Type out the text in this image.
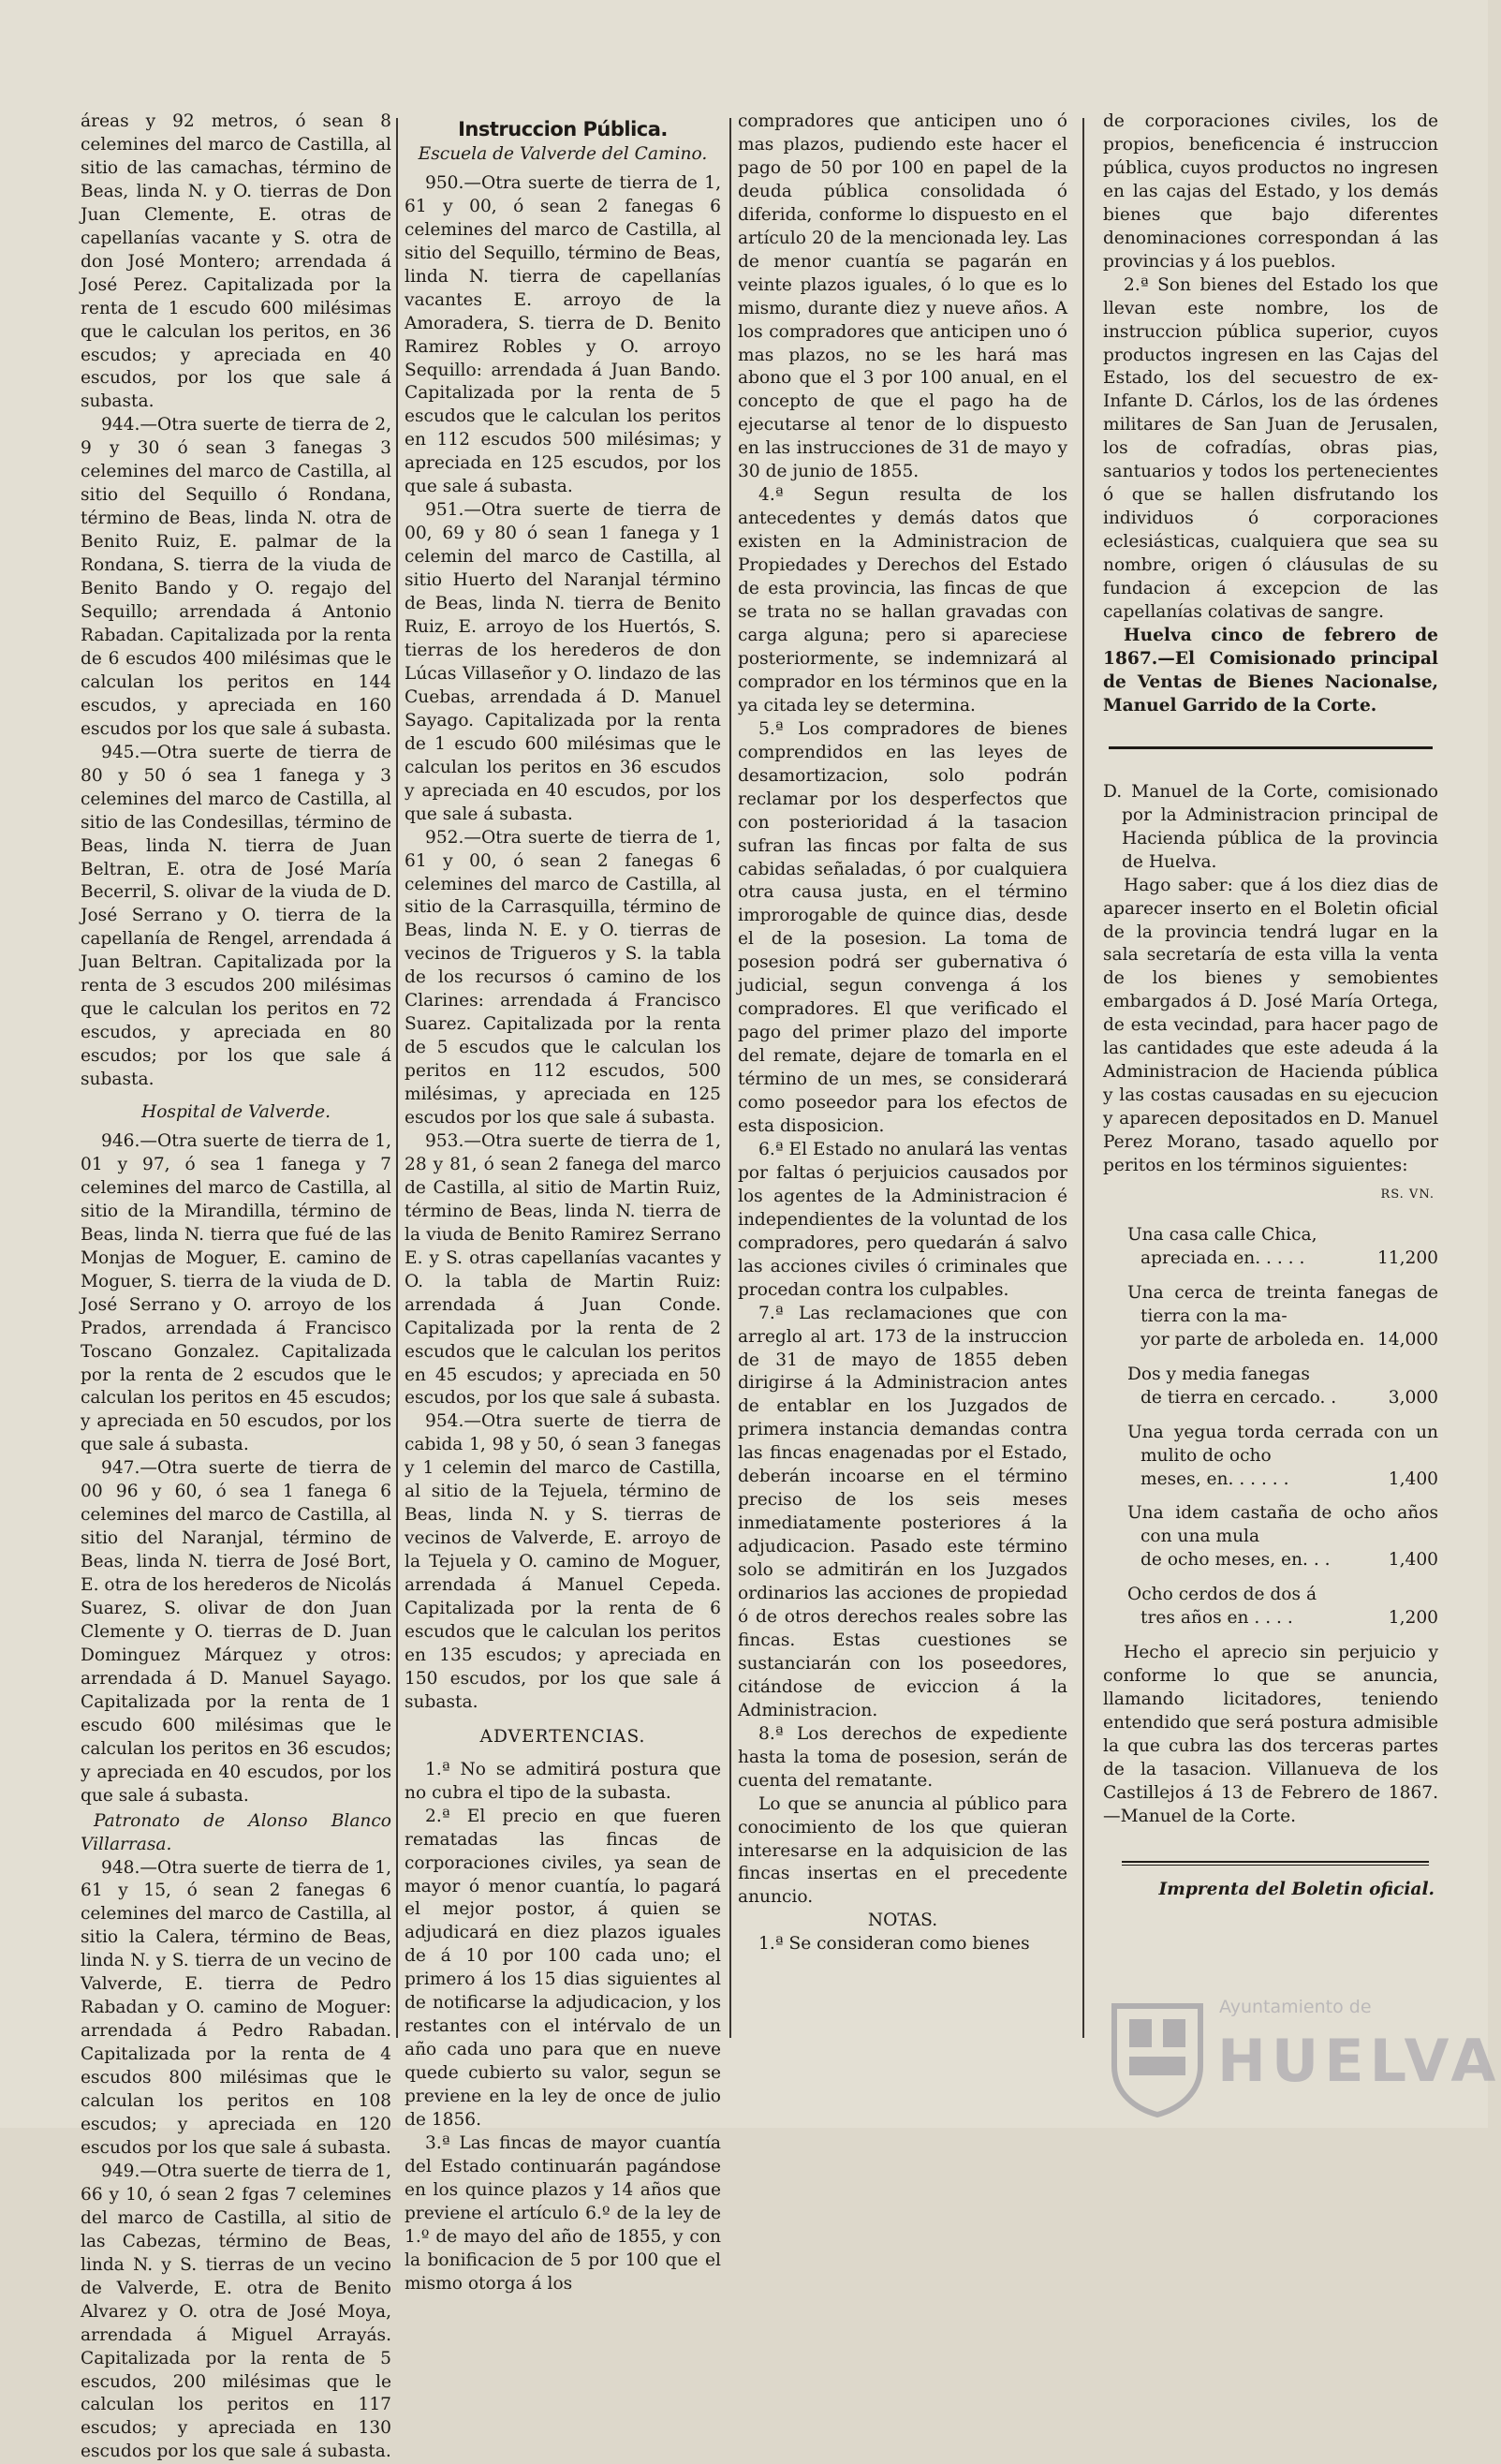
áreas y 92 metros, ó sean 8 celemines del marco de Castilla, al sitio de las camachas, término de Beas, linda N. y O. tierras de Don Juan Clemente, E. otras de capellanías vacante y S. otra de don José Montero; arrendada á José Perez. Capitalizada por la renta de 1 escudo 600 milésimas que le calculan los peritos, en 36 escudos; y apreciada en 40 escudos, por los que sale á subasta.

944.—Otra suerte de tierra de 2, 9 y 30 ó sean 3 fanegas 3 celemines del marco de Castilla, al sitio del Sequillo ó Rondana, término de Beas, linda N. otra de Benito Ruiz, E. palmar de la Rondana, S. tierra de la viuda de Benito Bando y O. regajo del Sequillo; arrendada á Antonio Rabadan. Capitalizada por la renta de 6 escudos 400 milésimas que le calculan los peritos en 144 escudos, y apreciada en 160 escudos por los que sale á subasta.

945.—Otra suerte de tierra de 80 y 50 ó sea 1 fanega y 3 celemines del marco de Castilla, al sitio de las Condesillas, término de Beas, linda N. tierra de Juan Beltran, E. otra de José María Becerril, S. olivar de la viuda de D. José Serrano y O. tierra de la capellanía de Rengel, arrendada á Juan Beltran. Capitalizada por la renta de 3 escudos 200 milésimas que le calculan los peritos en 72 escudos, y apreciada en 80 escudos; por los que sale á subasta.

Hospital de Valverde.

946.—Otra suerte de tierra de 1, 01 y 97, ó sea 1 fanega y 7 celemines del marco de Castilla, al sitio de la Mirandilla, término de Beas, linda N. tierra que fué de las Monjas de Moguer, E. camino de Moguer, S. tierra de la viuda de D. José Serrano y O. arroyo de los Prados, arrendada á Francisco Toscano Gonzalez. Capitalizada por la renta de 2 escudos que le calculan los peritos en 45 escudos; y apreciada en 50 escudos, por los que sale á subasta.

947.—Otra suerte de tierra de 00 96 y 60, ó sea 1 fanega 6 celemines del marco de Castilla, al sitio del Naranjal, término de Beas, linda N. tierra de José Bort, E. otra de los herederos de Nicolás Suarez, S. olivar de don Juan Clemente y O. tierras de D. Juan Dominguez Márquez y otros: arrendada á D. Manuel Sayago. Capitalizada por la renta de 1 escudo 600 milésimas que le calculan los peritos en 36 escudos; y apreciada en 40 escudos, por los que sale á subasta.

Patronato de Alonso Blanco Villarrasa.

948.—Otra suerte de tierra de 1, 61 y 15, ó sean 2 fanegas 6 celemines del marco de Castilla, al sitio la Calera, término de Beas, linda N. y S. tierra de un vecino de Valverde, E. tierra de Pedro Rabadan y O. camino de Moguer: arrendada á Pedro Rabadan. Capitalizada por la renta de 4 escudos 800 milésimas que le calculan los peritos en 108 escudos; y apreciada en 120 escudos por los que sale á subasta.

949.—Otra suerte de tierra de 1, 66 y 10, ó sean 2 fgas 7 celemines del marco de Castilla, al sitio de las Cabezas, término de Beas, linda N. y S. tierras de un vecino de Valverde, E. otra de Benito Alvarez y O. otra de José Moya, arrendada á Miguel Arrayás. Capitalizada por la renta de 5 escudos, 200 milésimas que le calculan los peritos en 117 escudos; y apreciada en 130 escudos por los que sale á subasta.

Instruccion Pública.

Escuela de Valverde del Camino.

950.—Otra suerte de tierra de 1, 61 y 00, ó sean 2 fanegas 6 celemines del marco de Castilla, al sitio del Sequillo, término de Beas, linda N. tierra de capellanías vacantes E. arroyo de la Amoradera, S. tierra de D. Benito Ramirez Robles y O. arroyo Sequillo: arrendada á Juan Bando. Capitalizada por la renta de 5 escudos que le calculan los peritos en 112 escudos 500 milésimas; y apreciada en 125 escudos, por los que sale á subasta.

951.—Otra suerte de tierra de 00, 69 y 80 ó sean 1 fanega y 1 celemin del marco de Castilla, al sitio Huerto del Naranjal término de Beas, linda N. tierra de Benito Ruiz, E. arroyo de los Huertós, S. tierras de los herederos de don Lúcas Villaseñor y O. lindazo de las Cuebas, arrendada á D. Manuel Sayago. Capitalizada por la renta de 1 escudo 600 milésimas que le calculan los peritos en 36 escudos y apreciada en 40 escudos, por los que sale á subasta.

952.—Otra suerte de tierra de 1, 61 y 00, ó sean 2 fanegas 6 celemines del marco de Castilla, al sitio de la Carrasquilla, término de Beas, linda N. E. y O. tierras de vecinos de Trigueros y S. la tabla de los recursos ó camino de los Clarines: arrendada á Francisco Suarez. Capitalizada por la renta de 5 escudos que le calculan los peritos en 112 escudos, 500 milésimas, y apreciada en 125 escudos por los que sale á subasta.

953.—Otra suerte de tierra de 1, 28 y 81, ó sean 2 fanega del marco de Castilla, al sitio de Martin Ruiz, término de Beas, linda N. tierra de la viuda de Benito Ramirez Serrano E. y S. otras capellanías vacantes y O. la tabla de Martin Ruiz: arrendada á Juan Conde. Capitalizada por la renta de 2 escudos que le calculan los peritos en 45 escudos; y apreciada en 50 escudos, por los que sale á subasta.

954.—Otra suerte de tierra de cabida 1, 98 y 50, ó sean 3 fanegas y 1 celemin del marco de Castilla, al sitio de la Tejuela, término de Beas, linda N. y S. tierras de vecinos de Valverde, E. arroyo de la Tejuela y O. camino de Moguer, arrendada á Manuel Cepeda. Capitalizada por la renta de 6 escudos que le calculan los peritos en 135 escudos; y apreciada en 150 escudos, por los que sale á subasta.

ADVERTENCIAS.

1.ª No se admitirá postura que no cubra el tipo de la subasta.

2.ª El precio en que fueren rematadas las fincas de corporaciones civiles, ya sean de mayor ó menor cuantía, lo pagará el mejor postor, á quien se adjudicará en diez plazos iguales de á 10 por 100 cada uno; el primero á los 15 dias siguientes al de notificarse la adjudicacion, y los restantes con el intérvalo de un año cada uno para que en nueve quede cubierto su valor, segun se previene en la ley de once de julio de 1856.

3.ª Las fincas de mayor cuantía del Estado continuarán pagándose en los quince plazos y 14 años que previene el artículo 6.º de la ley de 1.º de mayo del año de 1855, y con la bonificacion de 5 por 100 que el mismo otorga á los

compradores que anticipen uno ó mas plazos, pudiendo este hacer el pago de 50 por 100 en papel de la deuda pública consolidada ó diferida, conforme lo dispuesto en el artículo 20 de la mencionada ley. Las de menor cuantía se pagarán en veinte plazos iguales, ó lo que es lo mismo, durante diez y nueve años. A los compradores que anticipen uno ó mas plazos, no se les hará mas abono que el 3 por 100 anual, en el concepto de que el pago ha de ejecutarse al tenor de lo dispuesto en las instrucciones de 31 de mayo y 30 de junio de 1855.

4.ª Segun resulta de los antecedentes y demás datos que existen en la Administracion de Propiedades y Derechos del Estado de esta provincia, las fincas de que se trata no se hallan gravadas con carga alguna; pero si apareciese posteriormente, se indemnizará al comprador en los términos que en la ya citada ley se determina.

5.ª Los compradores de bienes comprendidos en las leyes de desamortizacion, solo podrán reclamar por los desperfectos que con posterioridad á la tasacion sufran las fincas por falta de sus cabidas señaladas, ó por cualquiera otra causa justa, en el término improrogable de quince dias, desde el de la posesion. La toma de posesion podrá ser gubernativa ó judicial, segun convenga á los compradores. El que verificado el pago del primer plazo del importe del remate, dejare de tomarla en el término de un mes, se considerará como poseedor para los efectos de esta disposicion.

6.ª El Estado no anulará las ventas por faltas ó perjuicios causados por los agentes de la Administracion é independientes de la voluntad de los compradores, pero quedarán á salvo las acciones civiles ó criminales que procedan contra los culpables.

7.ª Las reclamaciones que con arreglo al art. 173 de la instruccion de 31 de mayo de 1855 deben dirigirse á la Administracion antes de entablar en los Juzgados de primera instancia demandas contra las fincas enagenadas por el Estado, deberán incoarse en el término preciso de los seis meses inmediatamente posteriores á la adjudicacion. Pasado este término solo se admitirán en los Juzgados ordinarios las acciones de propiedad ó de otros derechos reales sobre las fincas. Estas cuestiones se sustanciarán con los poseedores, citándose de eviccion á la Administracion.

8.ª Los derechos de expediente hasta la toma de posesion, serán de cuenta del rematante.

Lo que se anuncia al público para conocimiento de los que quieran interesarse en la adquisicion de las fincas insertas en el precedente anuncio.

NOTAS.

1.ª Se consideran como bienes

de corporaciones civiles, los de propios, beneficencia é instruccion pública, cuyos productos no ingresen en las cajas del Estado, y los demás bienes que bajo diferentes denominaciones correspondan á las provincias y á los pueblos.

2.ª Son bienes del Estado los que llevan este nombre, los de instruccion pública superior, cuyos productos ingresen en las Cajas del Estado, los del secuestro de ex-Infante D. Cárlos, los de las órdenes militares de San Juan de Jerusalen, los de cofradías, obras pias, santuarios y todos los pertenecientes ó que se hallen disfrutando los individuos ó corporaciones eclesiásticas, cualquiera que sea su nombre, origen ó cláusulas de su fundacion á excepcion de las capellanías colativas de sangre.

Huelva cinco de febrero de 1867.—El Comisionado principal de Ventas de Bienes Nacionalse, Manuel Garrido de la Corte.

D. Manuel de la Corte, comisionado por la Administracion principal de Hacienda pública de la provincia de Huelva.

Hago saber: que á los diez dias de aparecer inserto en el Boletin oficial de la provincia tendrá lugar en la sala secretaría de esta villa la venta de los bienes y semobientes embargados á D. José María Ortega, de esta vecindad, para hacer pago de las cantidades que este adeuda á la Administracion de Hacienda pública y las costas causadas en su ejecucion y aparecen depositados en D. Manuel Perez Morano, tasado aquello por peritos en los términos siguientes:

RS. VN.

Una casa calle Chica,
11,200
apreciada en. . . . .

Una cerca de treinta fanegas de tierra con la ma-
14,000
yor parte de arboleda en.

Dos y media fanegas
3,000
de tierra en cercado. .

Una yegua torda cerrada con un mulito de ocho
1,400
meses, en. . . . . .

Una idem castaña de ocho años con una mula
1,400
de ocho meses, en. . .

Ocho cerdos de dos á
1,200
tres años en . . . .

Hecho el aprecio sin perjuicio y conforme lo que se anuncia, llamando licitadores, teniendo entendido que será postura admisible la que cubra las dos terceras partes de la tasacion. Villanueva de los Castillejos á 13 de Febrero de 1867.—Manuel de la Corte.

Imprenta del Boletin oficial.

Ayuntamiento de
HUELVA
